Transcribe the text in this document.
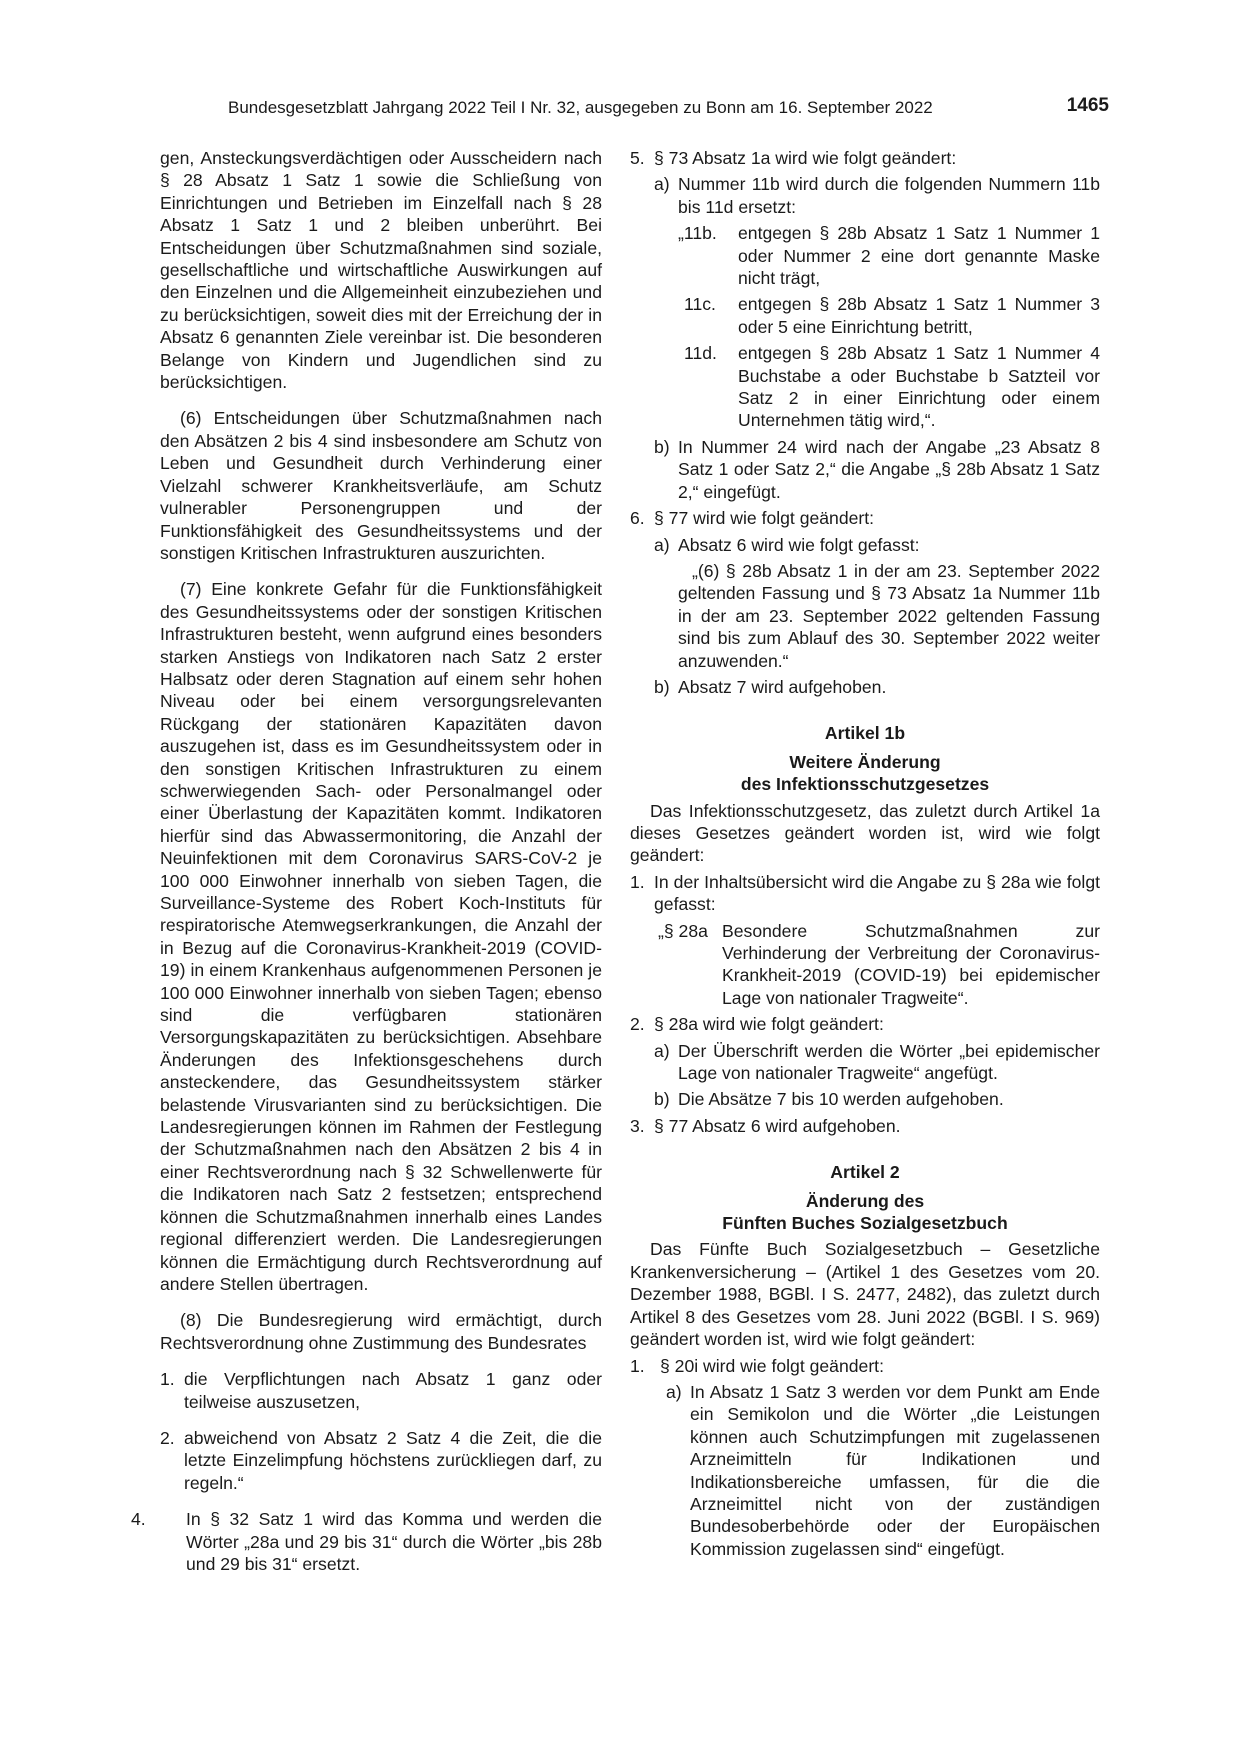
Bundesgesetzblatt Jahrgang 2022 Teil I Nr. 32, ausgegeben zu Bonn am 16. September 2022	1465

gen, Ansteckungsverdächtigen oder Ausscheidern nach § 28 Absatz 1 Satz 1 sowie die Schließung von Einrichtungen und Betrieben im Einzelfall nach § 28 Absatz 1 Satz 1 und 2 bleiben unberührt. Bei Entscheidungen über Schutzmaßnahmen sind soziale, gesellschaftliche und wirtschaftliche Auswirkungen auf den Einzelnen und die Allgemeinheit einzubeziehen und zu berücksichtigen, soweit dies mit der Erreichung der in Absatz 6 genannten Ziele vereinbar ist. Die besonderen Belange von Kindern und Jugendlichen sind zu berücksichtigen.

(6) Entscheidungen über Schutzmaßnahmen nach den Absätzen 2 bis 4 sind insbesondere am Schutz von Leben und Gesundheit durch Verhinderung einer Vielzahl schwerer Krankheitsverläufe, am Schutz vulnerabler Personengruppen und der Funktionsfähigkeit des Gesundheitssystems und der sonstigen Kritischen Infrastrukturen auszurichten.

(7) Eine konkrete Gefahr für die Funktionsfähigkeit des Gesundheitssystems oder der sonstigen Kritischen Infrastrukturen besteht, wenn aufgrund eines besonders starken Anstiegs von Indikatoren nach Satz 2 erster Halbsatz oder deren Stagnation auf einem sehr hohen Niveau oder bei einem versorgungsrelevanten Rückgang der stationären Kapazitäten davon auszugehen ist, dass es im Gesundheitssystem oder in den sonstigen Kritischen Infrastrukturen zu einem schwerwiegenden Sach- oder Personalmangel oder einer Überlastung der Kapazitäten kommt. Indikatoren hierfür sind das Abwassermonitoring, die Anzahl der Neuinfektionen mit dem Coronavirus SARS-CoV-2 je 100 000 Einwohner innerhalb von sieben Tagen, die Surveillance-Systeme des Robert Koch-Instituts für respiratorische Atemwegserkrankungen, die Anzahl der in Bezug auf die Coronavirus-Krankheit-2019 (COVID-19) in einem Krankenhaus aufgenommenen Personen je 100 000 Einwohner innerhalb von sieben Tagen; ebenso sind die verfügbaren stationären Versorgungskapazitäten zu berücksichtigen. Absehbare Änderungen des Infektionsgeschehens durch ansteckendere, das Gesundheitssystem stärker belastende Virusvarianten sind zu berücksichtigen. Die Landesregierungen können im Rahmen der Festlegung der Schutzmaßnahmen nach den Absätzen 2 bis 4 in einer Rechtsverordnung nach § 32 Schwellenwerte für die Indikatoren nach Satz 2 festsetzen; entsprechend können die Schutzmaßnahmen innerhalb eines Landes regional differenziert werden. Die Landesregierungen können die Ermächtigung durch Rechtsverordnung auf andere Stellen übertragen.

(8) Die Bundesregierung wird ermächtigt, durch Rechtsverordnung ohne Zustimmung des Bundesrates

1. die Verpflichtungen nach Absatz 1 ganz oder teilweise auszusetzen,
2. abweichend von Absatz 2 Satz 4 die Zeit, die die letzte Einzelimpfung höchstens zurückliegen darf, zu regeln.“
4. In § 32 Satz 1 wird das Komma und werden die Wörter „28a und 29 bis 31“ durch die Wörter „bis 28b und 29 bis 31“ ersetzt.
5. § 73 Absatz 1a wird wie folgt geändert:
a) Nummer 11b wird durch die folgenden Nummern 11b bis 11d ersetzt:
„11b. entgegen § 28b Absatz 1 Satz 1 Nummer 1 oder Nummer 2 eine dort genannte Maske nicht trägt,
11c. entgegen § 28b Absatz 1 Satz 1 Nummer 3 oder 5 eine Einrichtung betritt,
11d. entgegen § 28b Absatz 1 Satz 1 Nummer 4 Buchstabe a oder Buchstabe b Satzteil vor Satz 2 in einer Einrichtung oder einem Unternehmen tätig wird,“.
b) In Nummer 24 wird nach der Angabe „23 Absatz 8 Satz 1 oder Satz 2,“ die Angabe „§ 28b Absatz 1 Satz 2,“ eingefügt.
6. § 77 wird wie folgt geändert:
a) Absatz 6 wird wie folgt gefasst:

„(6) § 28b Absatz 1 in der am 23. September 2022 geltenden Fassung und § 73 Absatz 1a Nummer 11b in der am 23. September 2022 geltenden Fassung sind bis zum Ablauf des 30. September 2022 weiter anzuwenden.“

b) Absatz 7 wird aufgehoben.

Artikel 1b

Weitere Änderung
des Infektionsschutzgesetzes

Das Infektionsschutzgesetz, das zuletzt durch Artikel 1a dieses Gesetzes geändert worden ist, wird wie folgt geändert:

1. In der Inhaltsübersicht wird die Angabe zu § 28a wie folgt gefasst:
„§ 28a Besondere Schutzmaßnahmen zur Verhinderung der Verbreitung der Coronavirus-Krankheit-2019 (COVID-19) bei epidemischer Lage von nationaler Tragweite“.
2. § 28a wird wie folgt geändert:
a) Der Überschrift werden die Wörter „bei epidemischer Lage von nationaler Tragweite“ angefügt.
b) Die Absätze 7 bis 10 werden aufgehoben.
3. § 77 Absatz 6 wird aufgehoben.

Artikel 2

Änderung des
Fünften Buches Sozialgesetzbuch

Das Fünfte Buch Sozialgesetzbuch – Gesetzliche Krankenversicherung – (Artikel 1 des Gesetzes vom 20. Dezember 1988, BGBl. I S. 2477, 2482), das zuletzt durch Artikel 8 des Gesetzes vom 28. Juni 2022 (BGBl. I S. 969) geändert worden ist, wird wie folgt geändert:

1. § 20i wird wie folgt geändert:
a) In Absatz 1 Satz 3 werden vor dem Punkt am Ende ein Semikolon und die Wörter „die Leistungen können auch Schutzimpfungen mit zugelassenen Arzneimitteln für Indikationen und Indikationsbereiche umfassen, für die die Arzneimittel nicht von der zuständigen Bundesoberbehörde oder der Europäischen Kommission zugelassen sind“ eingefügt.
